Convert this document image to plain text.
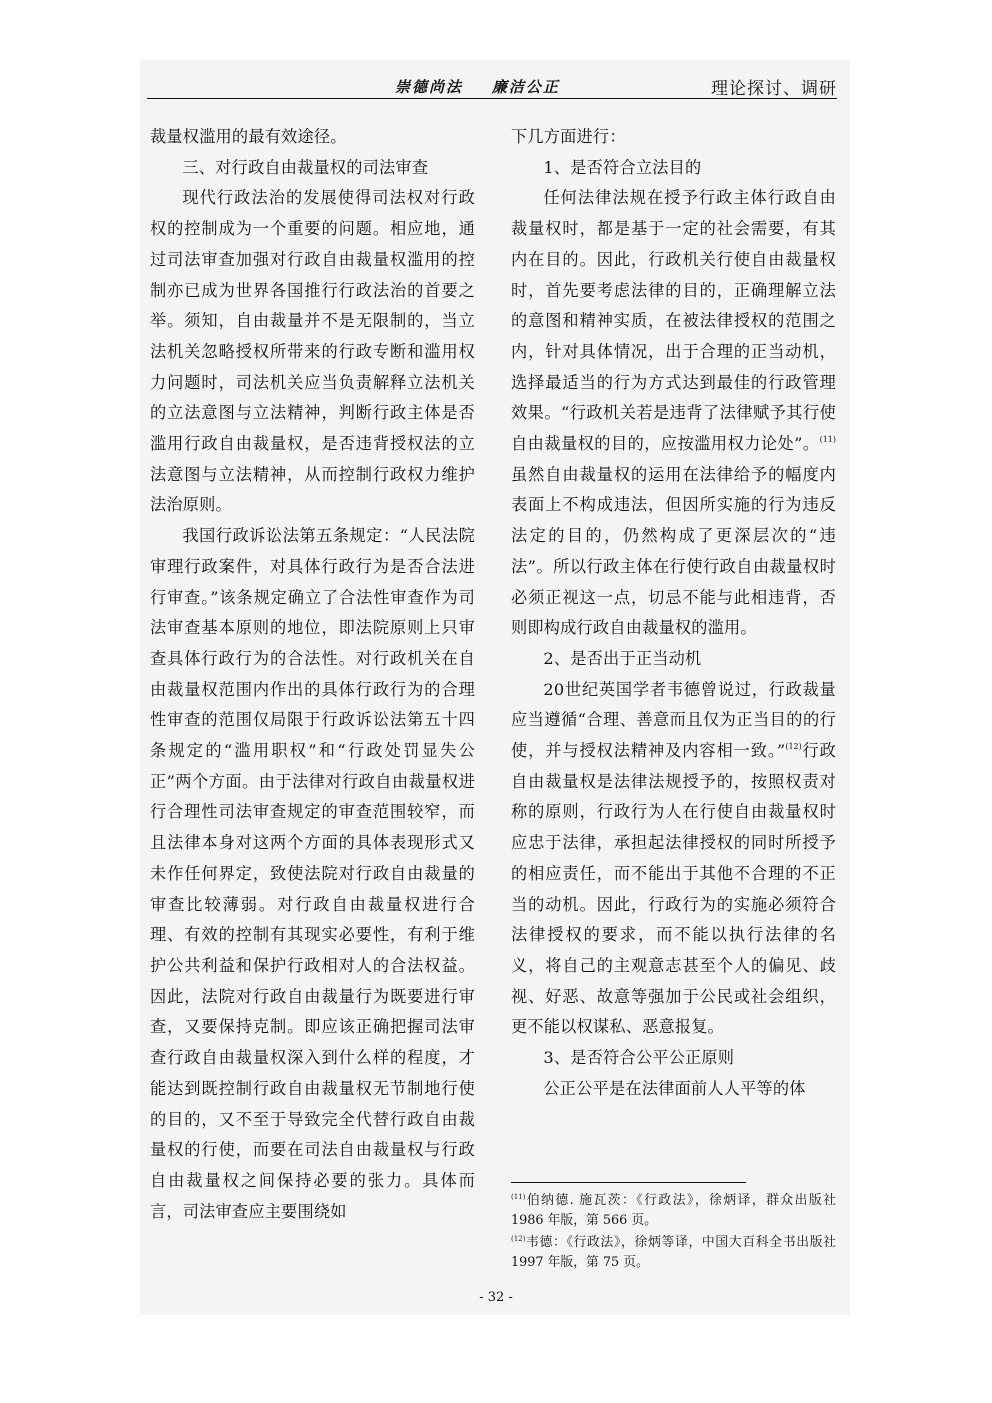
崇德尚法    廉洁公正	理论探讨、调研

裁量权滥用的最有效途径。

三、对行政自由裁量权的司法审查

现代行政法治的发展使得司法权对行政权的控制成为一个重要的问题。相应地，通过司法审查加强对行政自由裁量权滥用的控制亦已成为世界各国推行行政法治的首要之举。须知，自由裁量并不是无限制的，当立法机关忽略授权所带来的行政专断和滥用权力问题时，司法机关应当负责解释立法机关的立法意图与立法精神，判断行政主体是否滥用行政自由裁量权，是否违背授权法的立法意图与立法精神，从而控制行政权力维护法治原则。

我国行政诉讼法第五条规定：“人民法院审理行政案件，对具体行政行为是否合法进行审查。”该条规定确立了合法性审查作为司法审查基本原则的地位，即法院原则上只审查具体行政行为的合法性。对行政机关在自由裁量权范围内作出的具体行政行为的合理性审查的范围仅局限于行政诉讼法第五十四条规定的“滥用职权”和“行政处罚显失公正”两个方面。由于法律对行政自由裁量权进行合理性司法审查规定的审查范围较窄，而且法律本身对这两个方面的具体表现形式又未作任何界定，致使法院对行政自由裁量的审查比较薄弱。对行政自由裁量权进行合理、有效的控制有其现实必要性，有利于维护公共利益和保护行政相对人的合法权益。因此，法院对行政自由裁量行为既要进行审查，又要保持克制。即应该正确把握司法审查行政自由裁量权深入到什么样的程度，才能达到既控制行政自由裁量权无节制地行使的目的，又不至于导致完全代替行政自由裁量权的行使，而要在司法自由裁量权与行政自由裁量权之间保持必要的张力。具体而言，司法审查应主要围绕如

下几方面进行：

1、是否符合立法目的

任何法律法规在授予行政主体行政自由裁量权时，都是基于一定的社会需要，有其内在目的。因此，行政机关行使自由裁量权时，首先要考虑法律的目的，正确理解立法的意图和精神实质，在被法律授权的范围之内，针对具体情况，出于合理的正当动机，选择最适当的行为方式达到最佳的行政管理效果。“行政机关若是违背了法律赋予其行使自由裁量权的目的，应按滥用权力论处”。$^{(11)}$虽然自由裁量权的运用在法律给予的幅度内表面上不构成违法，但因所实施的行为违反法定的目的，仍然构成了更深层次的“违法”。所以行政主体在行使行政自由裁量权时必须正视这一点，切忌不能与此相违背，否则即构成行政自由裁量权的滥用。

2、是否出于正当动机

20世纪英国学者韦德曾说过，行政裁量应当遵循“合理、善意而且仅为正当目的的行使，并与授权法精神及内容相一致。”$^{(12)}$行政自由裁量权是法律法规授予的，按照权责对称的原则，行政行为人在行使自由裁量权时应忠于法律，承担起法律授权的同时所授予的相应责任，而不能出于其他不合理的不正当的动机。因此，行政行为的实施必须符合法律授权的要求，而不能以执行法律的名义，将自己的主观意志甚至个人的偏见、歧视、好恶、故意等强加于公民或社会组织，更不能以权谋私、恶意报复。

3、是否符合公平公正原则

公正公平是在法律面前人人平等的体

$^{(11)}$伯纳德. 施瓦茨：《行政法》，徐炳译，群众出版社 1986 年版，第 566 页。

$^{(12)}$韦德：《行政法》，徐炳等译，中国大百科全书出版社 1997 年版，第 75 页。

- 32 -
